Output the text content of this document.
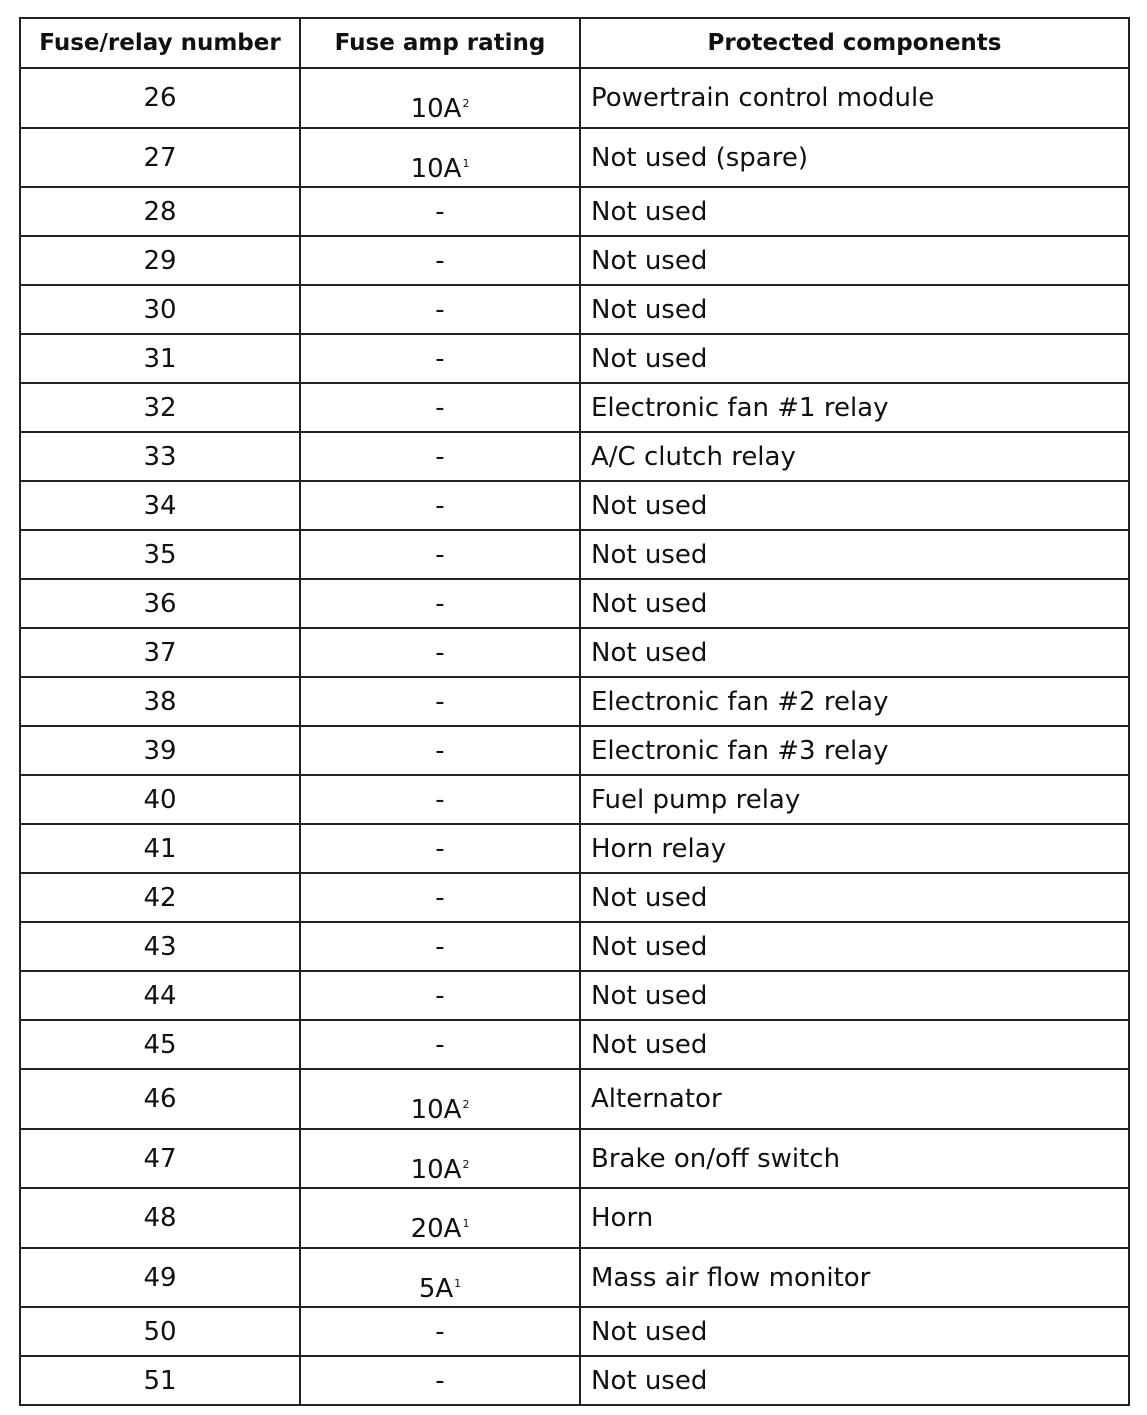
Fuse/relay number	Fuse amp rating	Protected components
26	10A$^2$	Powertrain control module
27	10A$^1$	Not used (spare)
28	-	Not used
29	-	Not used
30	-	Not used
31	-	Not used
32	-	Electronic fan #1 relay
33	-	A/C clutch relay
34	-	Not used
35	-	Not used
36	-	Not used
37	-	Not used
38	-	Electronic fan #2 relay
39	-	Electronic fan #3 relay
40	-	Fuel pump relay
41	-	Horn relay
42	-	Not used
43	-	Not used
44	-	Not used
45	-	Not used
46	10A$^2$	Alternator
47	10A$^2$	Brake on/off switch
48	20A$^1$	Horn
49	5A$^1$	Mass air flow monitor
50	-	Not used
51	-	Not used
